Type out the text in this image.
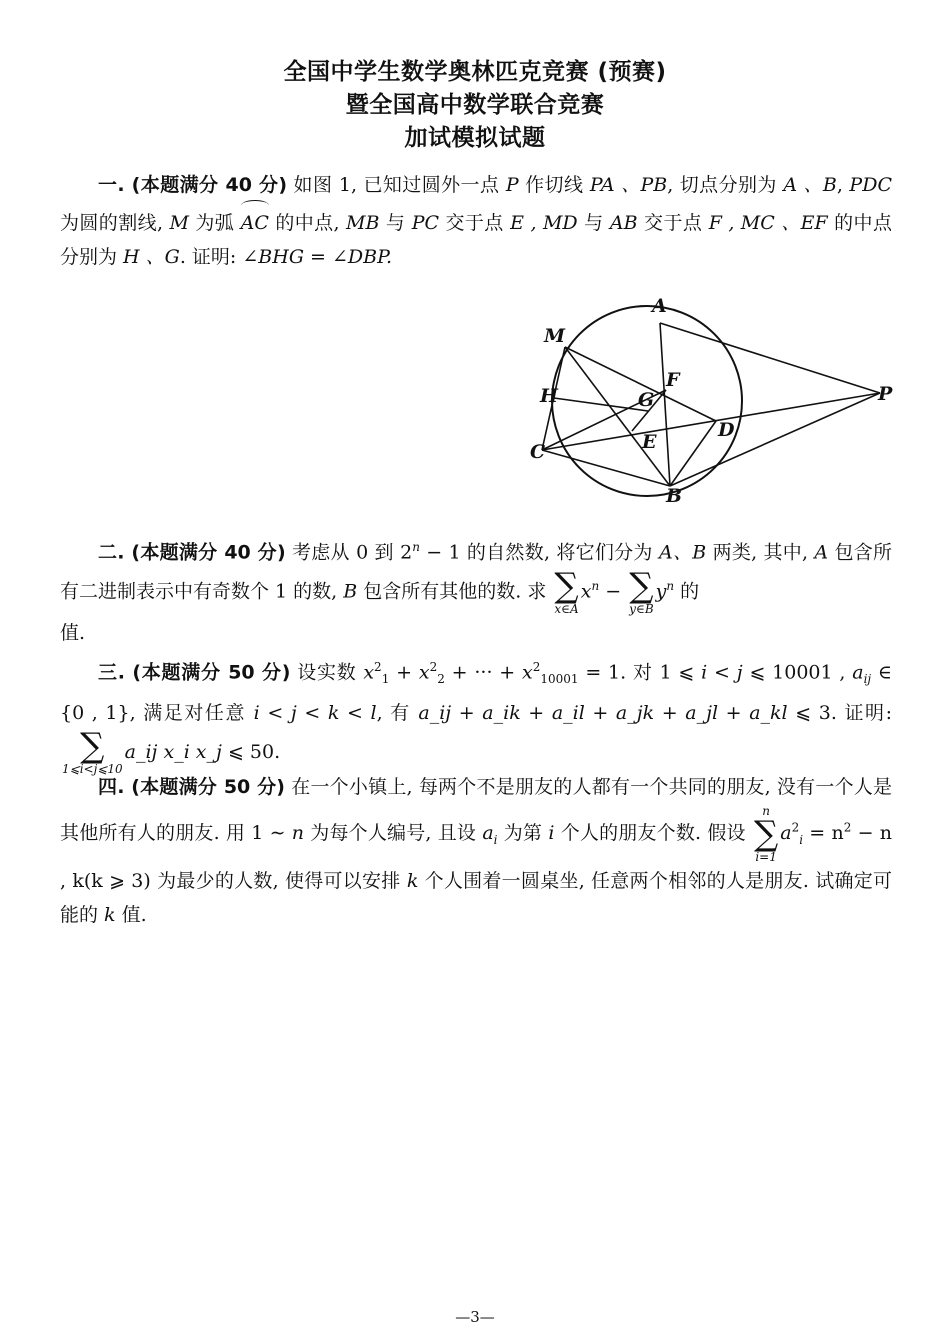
全国中学生数学奥林匹克竞赛 (预赛)
暨全国高中数学联合竞赛
加试模拟试题
一. (本题满分 40 分) 如图 1, 已知过圆外一点 P 作切线 PA 、PB, 切点分别为 A 、B, PDC 为圆的割线, M 为弧 AC 的中点, MB 与 PC 交于点 E , MD 与 AB 交于点 F , MC 、EF 的中点分别为 H 、G. 证明: ∠BHG = ∠DBP.
A
M
F
H	G	P
D
E
C
B
二. (本题满分 40 分) 考虑从 0 到 $2^n - 1$ 的自然数, 将它们分为 A、B 两类, 其中, A 包含所有二进制表示中有奇数个 1 的数, B 包含所有其他的数. 求 ∑
x∈A
$x^n$ − ∑
y∈B
$y^n$ 的
值.
三. (本题满分 50 分) 设实数 $x^2_1 + x^2_2$ + ··· + $x^2_{10001} = 1$. 对 1 ⩽ i < j ⩽ 10001 , $a_{ij}$ ∈ {0 , 1}, 满足对任意 i < j < k < l, 有 a_ij + a_ik + a_il + a_jk + a_jl + a_kl ⩽ 3. 证明:
∑
1⩽i<j⩽10
a_ij x_i x_j ⩽ 50.
四. (本题满分 50 分) 在一个小镇上, 每两个不是朋友的人都有一个共同的朋友, 没有一个人是其他所有人的朋友. 用 1 ∼ n 为每个人编号, 且设 $a_i$ 为第 i 个人的朋友个数. 假设
n
∑
i=1
$a^2_i = n^2 - n$ , k(k ⩾ 3) 为最少的人数, 使得可以安排 k 个人围着一圆桌坐, 任意两个相邻的人是朋友. 试确定可能的 k 值.
—3—
